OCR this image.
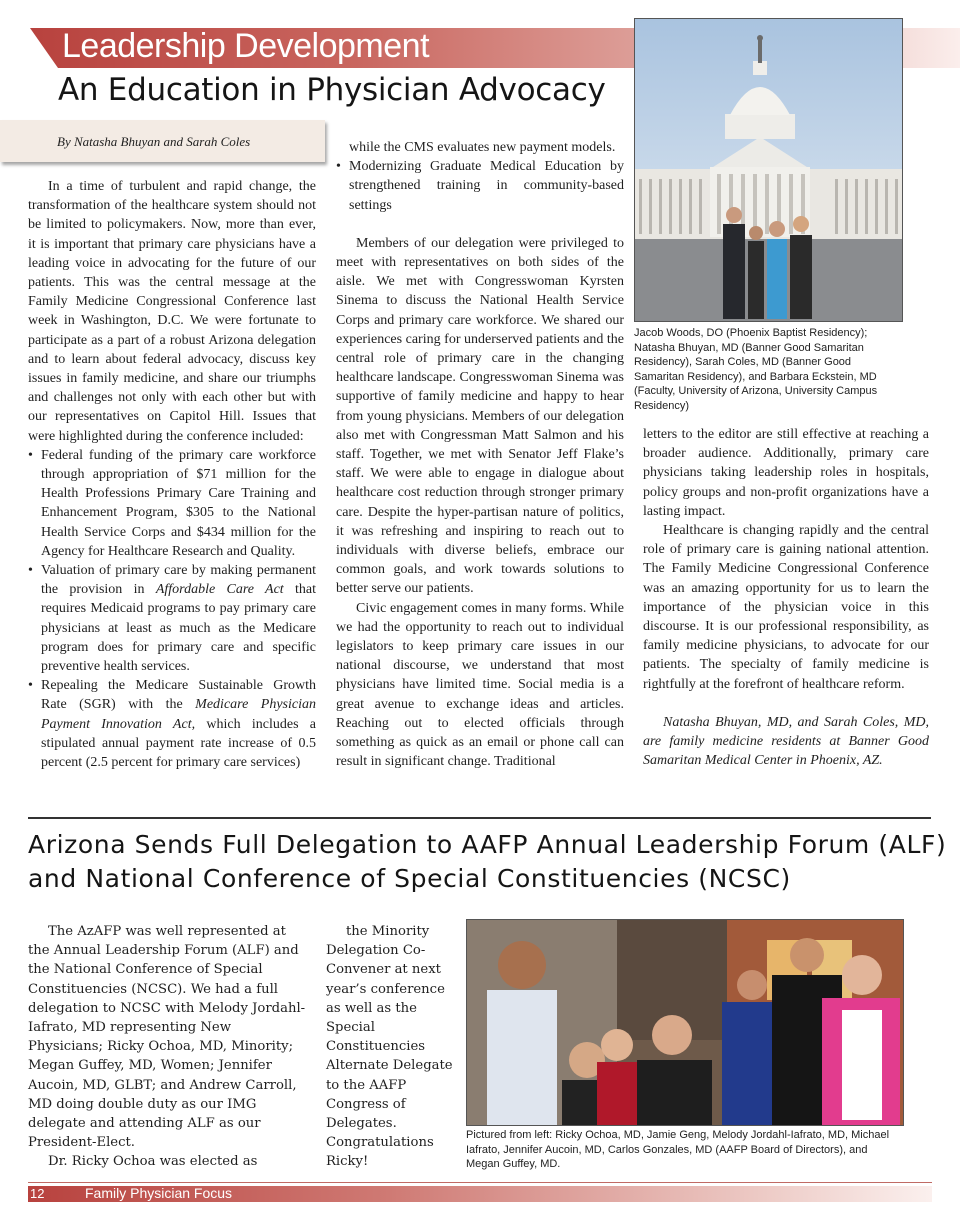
Leadership Development
An Education in Physician Advocacy
By Natasha Bhuyan and Sarah Coles

In a time of turbulent and rapid change, the transformation of the healthcare system should not be limited to policymakers. Now, more than ever, it is important that primary care physicians have a leading voice in advocating for the future of our patients. This was the central message at the Family Medicine Congressional Conference last week in Washington, D.C. We were fortunate to participate as a part of a robust Arizona delegation and to learn about federal advocacy, discuss key issues in family medicine, and share our triumphs and challenges not only with each other but with our representatives on Capitol Hill. Issues that were highlighted during the conference included:

• Federal funding of the primary care workforce through appropriation of $71 million for the Health Professions Primary Care Training and Enhancement Program, $305 to the National Health Service Corps and $434 million for the Agency for Healthcare Research and Quality.
• Valuation of primary care by making permanent the provision in Affordable Care Act that requires Medicaid programs to pay primary care physicians at least as much as the Medicare program does for primary care and specific preventive health services.
• Repealing the Medicare Sustainable Growth Rate (SGR) with the Medicare Physician Payment Innovation Act, which includes a stipulated annual payment rate increase of 0.5 percent (2.5 percent for primary care services)
while the CMS evaluates new payment models.
• Modernizing Graduate Medical Education by strengthened training in community-based settings

Members of our delegation were privileged to meet with representatives on both sides of the aisle. We met with Congresswoman Kyrsten Sinema to discuss the National Health Service Corps and primary care workforce. We shared our experiences caring for underserved patients and the central role of primary care in the changing healthcare landscape. Congresswoman Sinema was supportive of family medicine and happy to hear from young physicians. Members of our delegation also met with Congressman Matt Salmon and his staff. Together, we met with Senator Jeff Flake’s staff. We were able to engage in dialogue about healthcare cost reduction through stronger primary care. Despite the hyper-partisan nature of politics, it was refreshing and inspiring to reach out to individuals with diverse beliefs, embrace our common goals, and work towards solutions to better serve our patients.

Civic engagement comes in many forms. While we had the opportunity to reach out to individual legislators to keep primary care issues in our national discourse, we understand that most physicians have limited time. Social media is a great avenue to exchange ideas and articles. Reaching out to elected officials through something as quick as an email or phone call can result in significant change. Traditional

Jacob Woods, DO (Phoenix Baptist Residency); Natasha Bhuyan, MD (Banner Good Samaritan Residency), Sarah Coles, MD (Banner Good Samaritan Residency), and Barbara Eckstein, MD (Faculty, University of Arizona, University Campus Residency)

letters to the editor are still effective at reaching a broader audience. Additionally, primary care physicians taking leadership roles in hospitals, policy groups and non-profit organizations have a lasting impact.

Healthcare is changing rapidly and the central role of primary care is gaining national attention. The Family Medicine Congressional Conference was an amazing opportunity for us to learn the importance of the physician voice in this discourse. It is our professional responsibility, as family medicine physicians, to advocate for our patients. The specialty of family medicine is rightfully at the forefront of healthcare reform.

Natasha Bhuyan, MD, and Sarah Coles, MD, are family medicine residents at Banner Good Samaritan Medical Center in Phoenix, AZ.

Arizona Sends Full Delegation to AAFP Annual Leadership Forum (ALF) and National Conference of Special Constituencies (NCSC)

The AzAFP was well represented at the Annual Leadership Forum (ALF) and the National Conference of Special Constituencies (NCSC). We had a full delegation to NCSC with Melody Jordahl-Iafrato, MD representing New Physicians; Ricky Ochoa, MD, Minority; Megan Guffey, MD, Women; Jennifer Aucoin, MD, GLBT; and Andrew Carroll, MD doing double duty as our IMG delegate and attending ALF as our President-Elect.

Dr. Ricky Ochoa was elected as

the Minority Delegation Co-Convener at next year’s conference as well as the Special Constituencies Alternate Delegate to the AAFP Congress of Delegates. Congratulations Ricky!

Pictured from left: Ricky Ochoa, MD, Jamie Geng, Melody Jordahl-Iafrato, MD, Michael Iafrato, Jennifer Aucoin, MD, Carlos Gonzales, MD (AAFP Board of Directors), and Megan Guffey, MD.
12	Family Physician Focus
